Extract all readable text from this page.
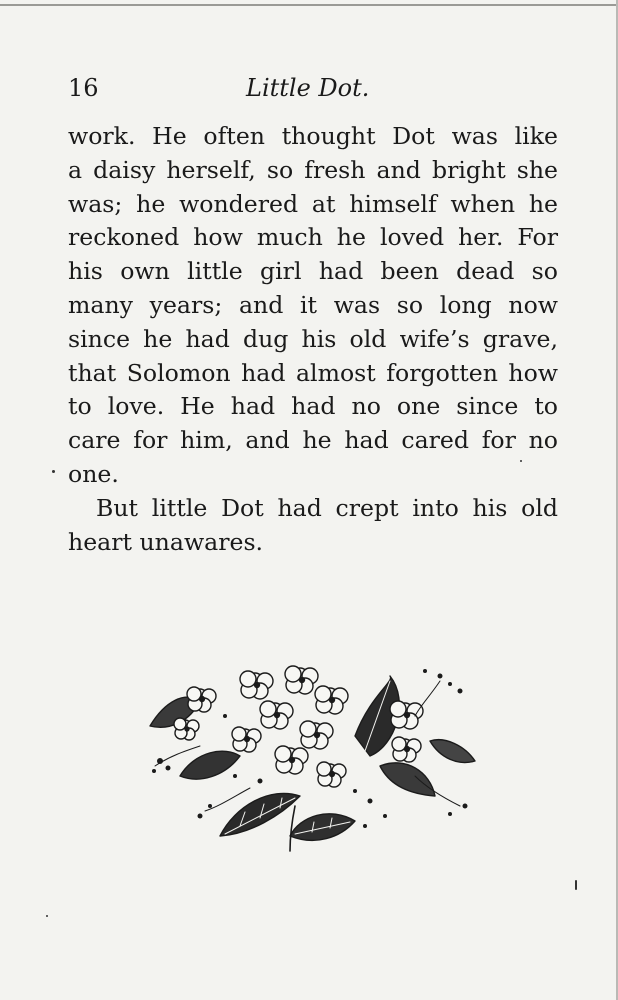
16	Little Dot.
work. He often thought Dot was like
a daisy herself, so fresh and bright she
was; he wondered at himself when he
reckoned how much he loved her. For
his own little girl had been dead so
many years; and it was so long now
since he had dug his old wife’s grave,
that Solomon had almost forgotten how
to love. He had had no one since to
care for him, and he had cared for no
one.
But little Dot had crept into his old
heart unawares.
